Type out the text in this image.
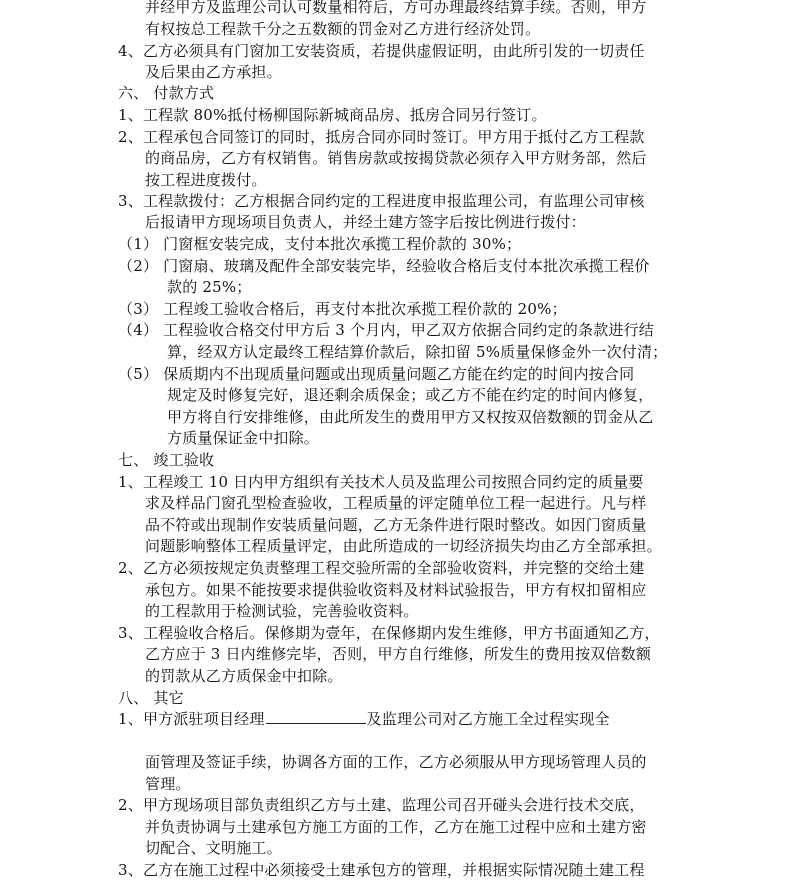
并经甲方及监理公司认可数量相符后，方可办理最终结算手续。否则，甲方
有权按总工程款千分之五数额的罚金对乙方进行经济处罚。
4、乙方必须具有门窗加工安装资质，若提供虚假证明，由此所引发的一切责任
及后果由乙方承担。
六、 付款方式
1、工程款 80%抵付杨柳国际新城商品房、抵房合同另行签订。
2、工程承包合同签订的同时，抵房合同亦同时签订。甲方用于抵付乙方工程款
的商品房，乙方有权销售。销售房款或按揭贷款必须存入甲方财务部，然后
按工程进度拨付。
3、工程款拨付：乙方根据合同约定的工程进度申报监理公司，有监理公司审核
后报请甲方现场项目负责人，并经土建方签字后按比例进行拨付：
（1） 门窗框安装完成，支付本批次承揽工程价款的 30%；
（2） 门窗扇、玻璃及配件全部安装完毕，经验收合格后支付本批次承揽工程价
款的 25%；
（3） 工程竣工验收合格后，再支付本批次承揽工程价款的 20%；
（4） 工程验收合格交付甲方后 3 个月内，甲乙双方依据合同约定的条款进行结
算，经双方认定最终工程结算价款后，除扣留 5%质量保修金外一次付清；
（5） 保质期内不出现质量问题或出现质量问题乙方能在约定的时间内按合同
规定及时修复完好，退还剩余质保金；或乙方不能在约定的时间内修复，
甲方将自行安排维修，由此所发生的费用甲方又权按双倍数额的罚金从乙
方质量保证金中扣除。
七、 竣工验收
1、工程竣工 10 日内甲方组织有关技术人员及监理公司按照合同约定的质量要
求及样品门窗孔型检查验收，工程质量的评定随单位工程一起进行。凡与样
品不符或出现制作安装质量问题，乙方无条件进行限时整改。如因门窗质量
问题影响整体工程质量评定，由此所造成的一切经济损失均由乙方全部承担。
2、乙方必须按规定负责整理工程交验所需的全部验收资料，并完整的交给土建
承包方。如果不能按要求提供验收资料及材料试验报告，甲方有权扣留相应
的工程款用于检测试验，完善验收资料。
3、工程验收合格后。保修期为壹年，在保修期内发生维修，甲方书面通知乙方，
乙方应于 3 日内维修完毕，否则，甲方自行维修，所发生的费用按双倍数额
的罚款从乙方质保金中扣除。
八、 其它
1、甲方派驻项目经理	及监理公司对乙方施工全过程实现全
面管理及签证手续，协调各方面的工作，乙方必须服从甲方现场管理人员的
管理。
2、甲方现场项目部负责组织乙方与土建、监理公司召开碰头会进行技术交底，
并负责协调与土建承包方施工方面的工作，乙方在施工过程中应和土建方密
切配合、文明施工。
3、乙方在施工过程中必须接受土建承包方的管理，并根据实际情况随土建工程
